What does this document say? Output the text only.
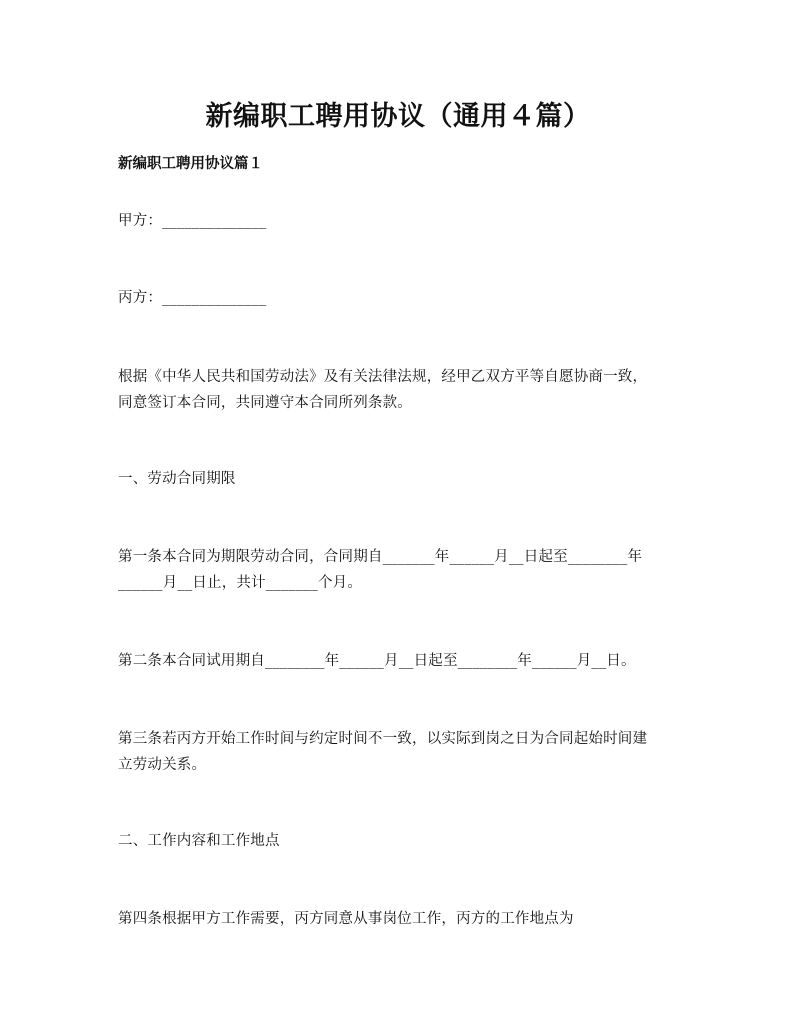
新编职工聘用协议（通用４篇）
新编职工聘用协议篇１
甲方：______________
丙方：______________
根据《中华人民共和国劳动法》及有关法律法规，经甲乙双方平等自愿协商一致，
同意签订本合同，共同遵守本合同所列条款。
一、劳动合同期限
第一条本合同为期限劳动合同，合同期自_______年______月__日起至________年
______月__日止，共计_______个月。
第二条本合同试用期自________年______月__日起至________年______月__日。
第三条若丙方开始工作时间与约定时间不一致，以实际到岗之日为合同起始时间建
立劳动关系。
二、工作内容和工作地点
第四条根据甲方工作需要，丙方同意从事岗位工作，丙方的工作地点为
